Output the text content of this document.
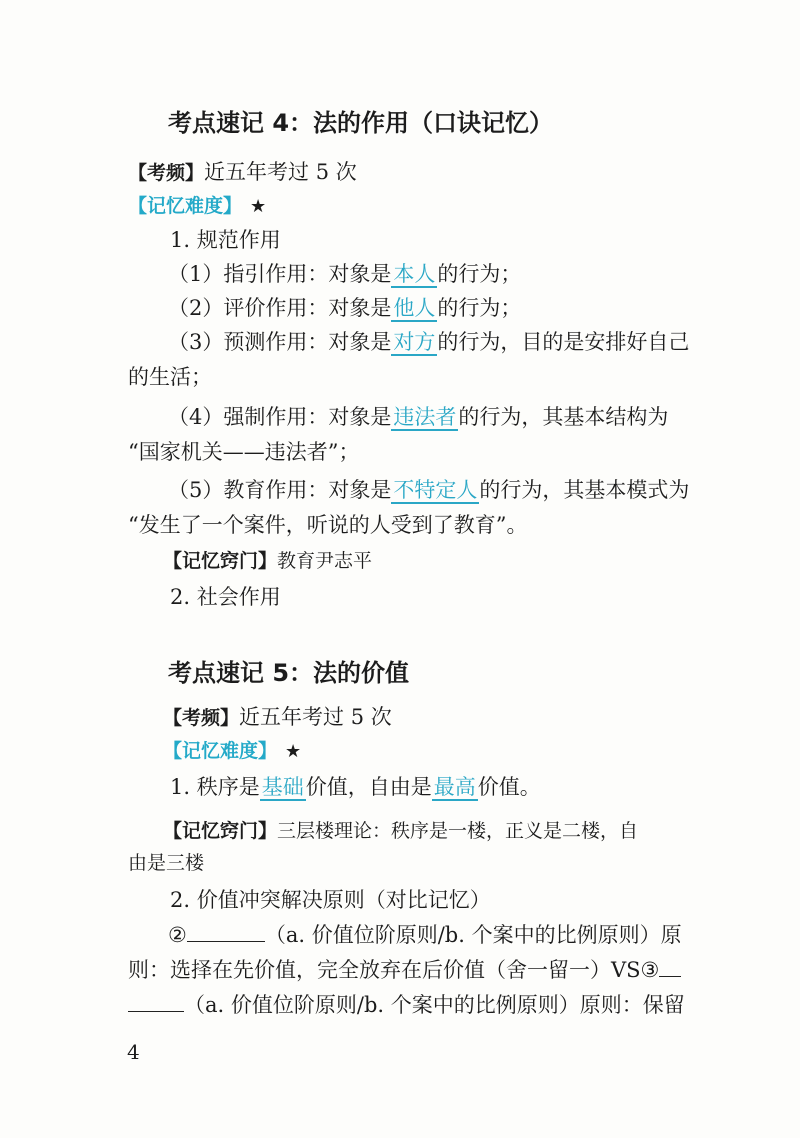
考点速记 4：法的作用（口诀记忆）
【考频】近五年考过 5 次
【记忆难度】 ★
1. 规范作用
（1）指引作用：对象是本人的行为；
（2）评价作用：对象是他人的行为；
（3）预测作用：对象是对方的行为，目的是安排好自己
的生活；
（4）强制作用：对象是违法者的行为，其基本结构为
“国家机关——违法者”；
（5）教育作用：对象是不特定人的行为，其基本模式为
“发生了一个案件，听说的人受到了教育”。
【记忆窍门】教育尹志平
2. 社会作用
考点速记 5：法的价值
【考频】近五年考过 5 次
【记忆难度】 ★
1. 秩序是基础价值，自由是最高价值。
【记忆窍门】三层楼理论：秩序是一楼，正义是二楼，自
由是三楼
2. 价值冲突解决原则（对比记忆）
②	（a. 价值位阶原则/b. 个案中的比例原则）原
则：选择在先价值，完全放弃在后价值（舍一留一）VS③
（a. 价值位阶原则/b. 个案中的比例原则）原则：保留
4
